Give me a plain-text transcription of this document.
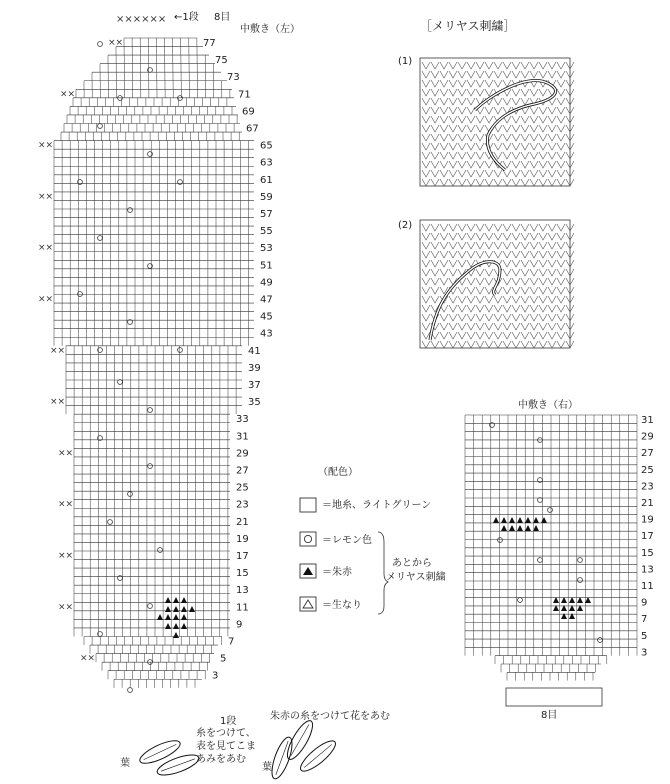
××
××
××
××
××
××
××
××
××
××
××
××
××
××××××
77
75
73
71
69
67
65
63
61
59
57
55
53
51
49
47
45
43
41
39
37
35
33
31
29
27
25
23
21
19
17
15
13
11
9
7
5
3
31
29
27
25
23
21
19
17
15
13
11
9
7
5
3
中敷き（左）
←1段 8目
1段
中敷き（右）
8目
［メリヤス刺繍］
(1)
(2)
（配色）
＝地糸、ライトグリーン
＝レモン色
＝朱赤
＝生なり
あとから
メリヤス刺繍
朱赤の糸をつけて花をあむ
糸をつけて、
表を見てこま
あみをあむ
葉	葉
